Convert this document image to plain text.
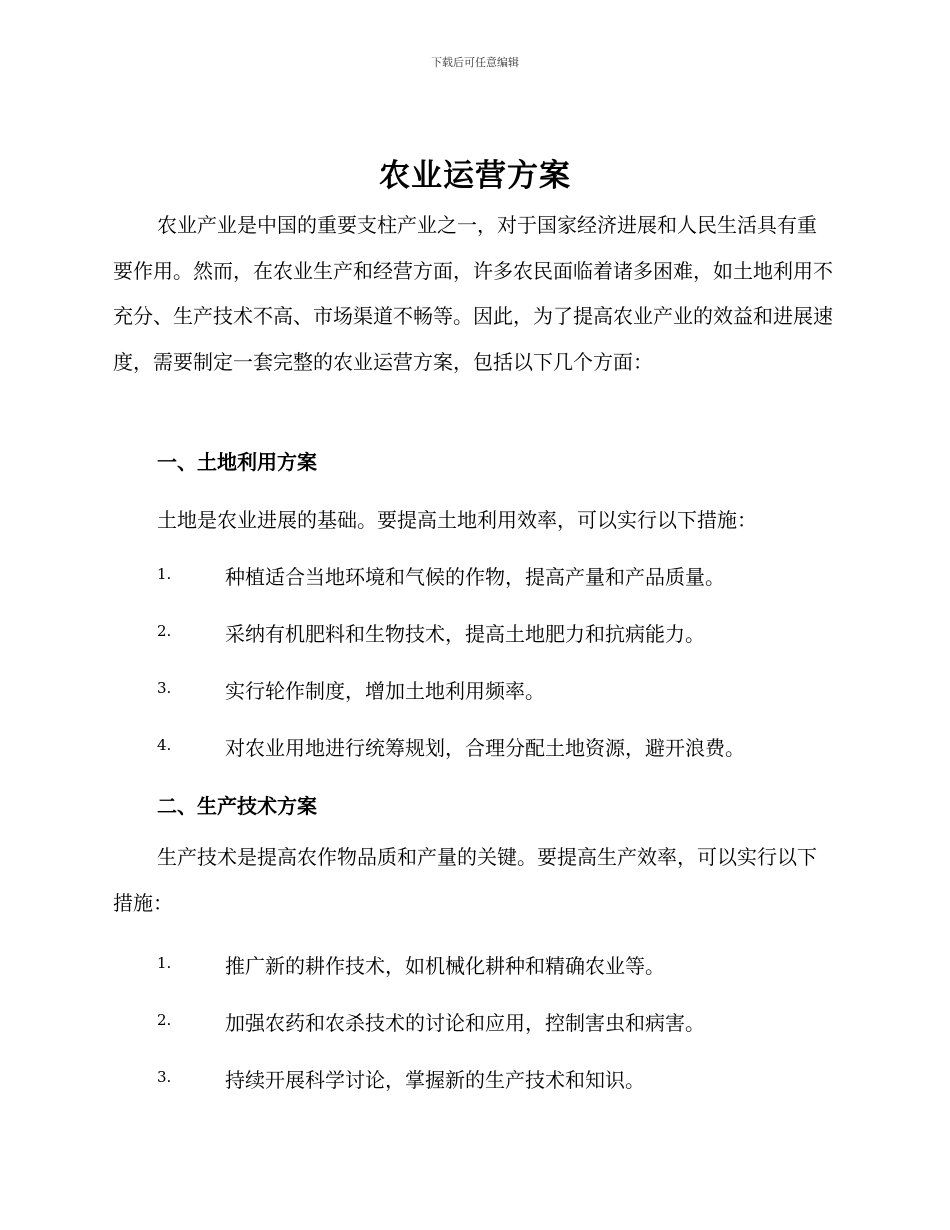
下载后可任意编辑
农业运营方案

农业产业是中国的重要支柱产业之一，对于国家经济进展和人民生活具有重要作用。然而，在农业生产和经营方面，许多农民面临着诸多困难，如土地利用不充分、生产技术不高、市场渠道不畅等。因此，为了提高农业产业的效益和进展速度，需要制定一套完整的农业运营方案，包括以下几个方面：

一、土地利用方案
土地是农业进展的基础。要提高土地利用效率，可以实行以下措施：
1.	种植适合当地环境和气候的作物，提高产量和产品质量。
2.	采纳有机肥料和生物技术，提高土地肥力和抗病能力。
3.	实行轮作制度，增加土地利用频率。
4.	对农业用地进行统筹规划，合理分配土地资源，避开浪费。
二、生产技术方案

生产技术是提高农作物品质和产量的关键。要提高生产效率，可以实行以下措施：

1.	推广新的耕作技术，如机械化耕种和精确农业等。
2.	加强农药和农杀技术的讨论和应用，控制害虫和病害。
3.	持续开展科学讨论，掌握新的生产技术和知识。
